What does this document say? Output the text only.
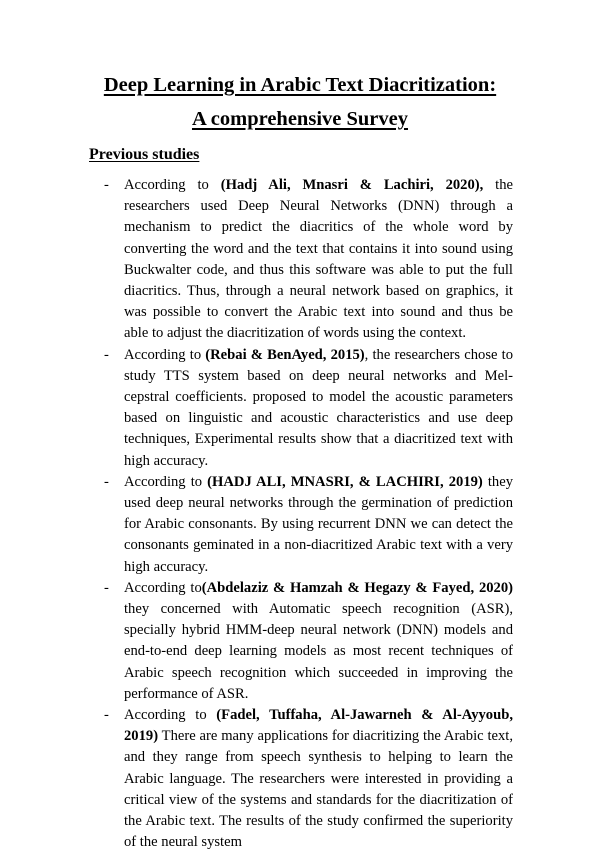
Deep Learning in Arabic Text Diacritization:
A comprehensive Survey
Previous studies
- According to (Hadj Ali, Mnasri & Lachiri, 2020), the researchers used Deep Neural Networks (DNN) through a mechanism to predict the diacritics of the whole word by converting the word and the text that contains it into sound using Buckwalter code, and thus this software was able to put the full diacritics. Thus, through a neural network based on graphics, it was possible to convert the Arabic text into sound and thus be able to adjust the diacritization of words using the context.

- According to (Rebai & BenAyed, 2015), the researchers chose to study TTS system based on deep neural networks and Mel-cepstral coefficients. proposed to model the acoustic parameters based on linguistic and acoustic characteristics and use deep techniques, Experimental results show that a diacritized text with high accuracy.

- According to (HADJ ALI, MNASRI, & LACHIRI, 2019) they used deep neural networks through the germination of prediction for Arabic consonants. By using recurrent DNN we can detect the consonants geminated in a non-diacritized Arabic text with a very high accuracy.

- According to(Abdelaziz & Hamzah & Hegazy & Fayed, 2020) they concerned with Automatic speech recognition (ASR), specially hybrid HMM-deep neural network (DNN) models and end-to-end deep learning models as most recent techniques of Arabic speech recognition which succeeded in improving the performance of ASR.

- According to (Fadel, Tuffaha, Al-Jawarneh & Al-Ayyoub, 2019) There are many applications for diacritizing the Arabic text, and they range from speech synthesis to helping to learn the Arabic language. The researchers were interested in providing a critical view of the systems and standards for the diacritization of the Arabic text. The results of the study confirmed the superiority of the neural system
